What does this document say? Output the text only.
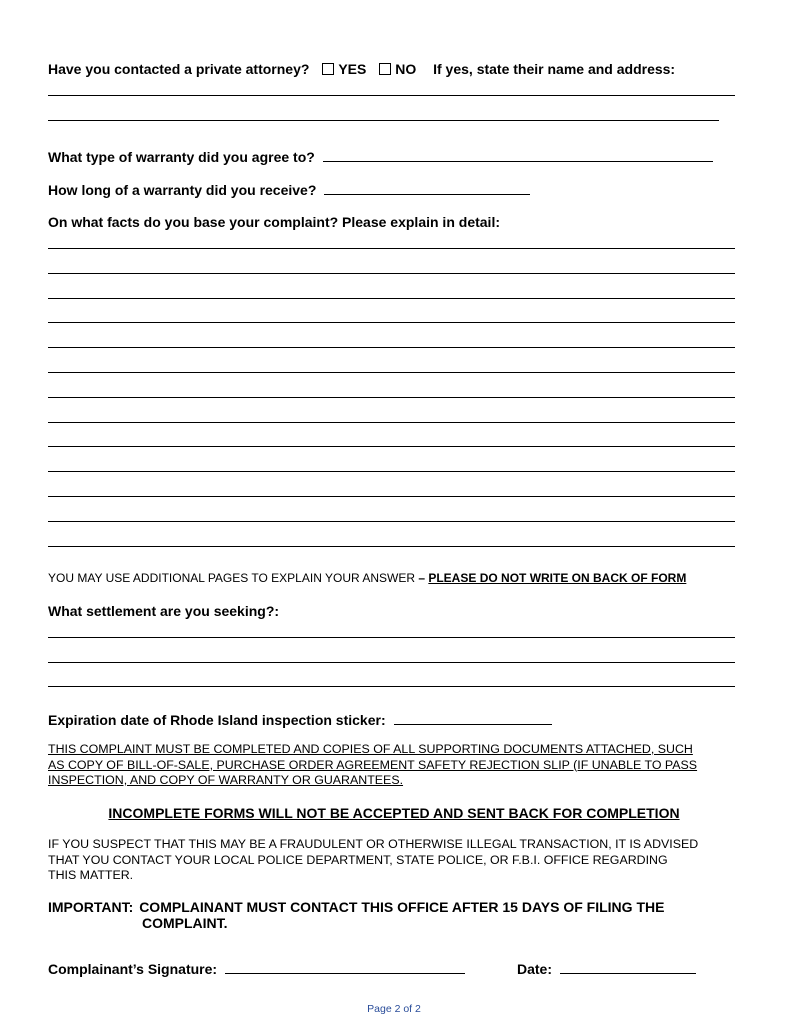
Have you contacted a private attorney? YES NO If yes, state their name and address:
What type of warranty did you agree to?
How long of a warranty did you receive?
On what facts do you base your complaint? Please explain in detail:
YOU MAY USE ADDITIONAL PAGES TO EXPLAIN YOUR ANSWER – PLEASE DO NOT WRITE ON BACK OF FORM
What settlement are you seeking?:
Expiration date of Rhode Island inspection sticker:
THIS COMPLAINT MUST BE COMPLETED AND COPIES OF ALL SUPPORTING DOCUMENTS ATTACHED, SUCH
AS COPY OF BILL-OF-SALE, PURCHASE ORDER AGREEMENT SAFETY REJECTION SLIP (IF UNABLE TO PASS
INSPECTION, AND COPY OF WARRANTY OR GUARANTEES.
INCOMPLETE FORMS WILL NOT BE ACCEPTED AND SENT BACK FOR COMPLETION
IF YOU SUSPECT THAT THIS MAY BE A FRAUDULENT OR OTHERWISE ILLEGAL TRANSACTION, IT IS ADVISED
THAT YOU CONTACT YOUR LOCAL POLICE DEPARTMENT, STATE POLICE, OR F.B.I. OFFICE REGARDING
THIS MATTER.
IMPORTANT: COMPLAINANT MUST CONTACT THIS OFFICE AFTER 15 DAYS OF FILING THE
COMPLAINT.
Complainant’s Signature:	Date:
Page 2 of 2
